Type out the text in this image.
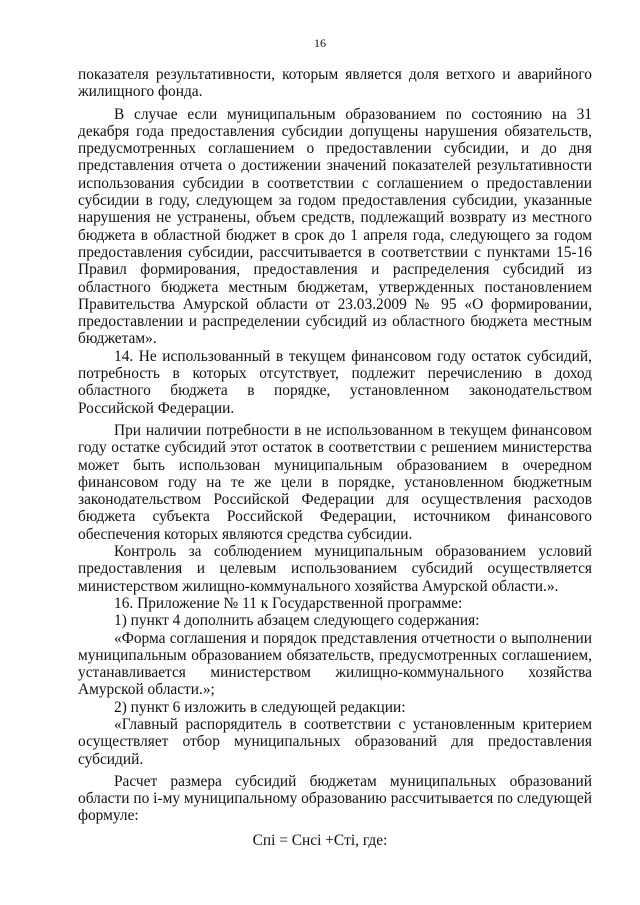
16

показателя результативности, которым является доля ветхого и аварийного жилищного фонда.

В случае если муниципальным образованием по состоянию на 31 декабря года предоставления субсидии допущены нарушения обязательств, предусмотренных соглашением о предоставлении субсидии, и до дня представления отчета о достижении значений показателей результативности использования субсидии в соответствии с соглашением о предоставлении субсидии в году, следующем за годом предоставления субсидии, указанные нарушения не устранены, объем средств, подлежащий возврату из местного бюджета в областной бюджет в срок до 1 апреля года, следующего за годом предоставления субсидии, рассчитывается в соответствии с пунктами 15-16 Правил формирования, предоставления и распределения субсидий из областного бюджета местным бюджетам, утвержденных постановлением Правительства Амурской области от 23.03.2009 № 95 «О формировании, предоставлении и распределении субсидий из областного бюджета местным бюджетам».

14. Не использованный в текущем финансовом году остаток субсидий, потребность в которых отсутствует, подлежит перечислению в доход областного бюджета в порядке, установленном законодательством Российской Федерации.

При наличии потребности в не использованном в текущем финансовом году остатке субсидий этот остаток в соответствии с решением министерства может быть использован муниципальным образованием в очередном финансовом году на те же цели в порядке, установленном бюджетным законодательством Российской Федерации для осуществления расходов бюджета субъекта Российской Федерации, источником финансового обеспечения которых являются средства субсидии.

Контроль за соблюдением муниципальным образованием условий предоставления и целевым использованием субсидий осуществляется министерством жилищно-коммунального хозяйства Амурской области.».

16. Приложение № 11 к Государственной программе:

1) пункт 4 дополнить абзацем следующего содержания:

«Форма соглашения и порядок представления отчетности о выполнении муниципальным образованием обязательств, предусмотренных соглашением, устанавливается министерством жилищно-коммунального хозяйства Амурской области.»;

2) пункт 6 изложить в следующей редакции:

«Главный распорядитель в соответствии с установленным критерием осуществляет отбор муниципальных образований для предоставления субсидий.

Расчет размера субсидий бюджетам муниципальных образований области по i-му муниципальному образованию рассчитывается по следующей формуле:

Cпi = Cнci +Cтi, где:
